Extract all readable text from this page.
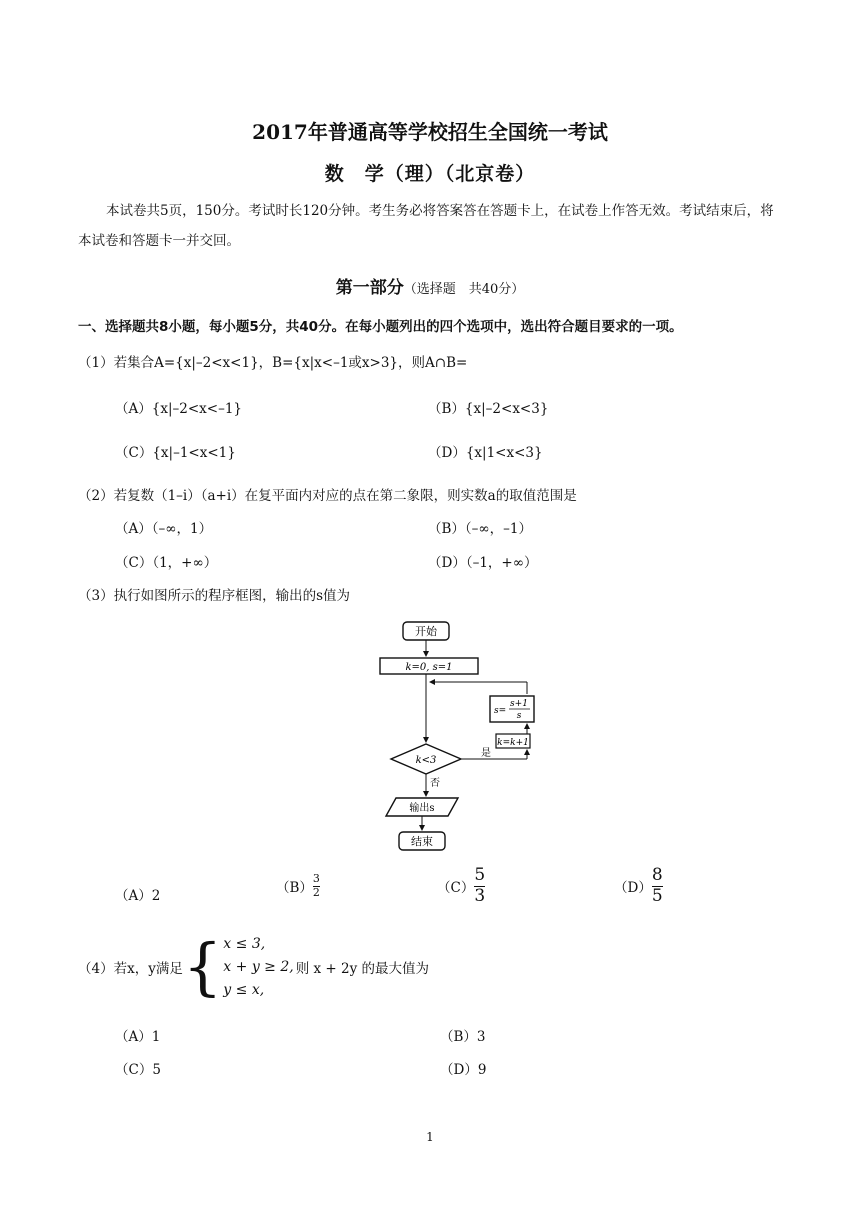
2017年普通高等学校招生全国统一考试
数　学（理）（北京卷）
本试卷共5页，150分。考试时长120分钟。考生务必将答案答在答题卡上，在试卷上作答无效。考试结束后，将本试卷和答题卡一并交回。
第一部分（选择题　共40分）
一、选择题共8小题，每小题5分，共40分。在每小题列出的四个选项中，选出符合题目要求的一项。
（1）若集合A={x|–2<x<1}，B={x|x<–1或x>3}，则A∩B=
（A）{x|–2<x<–1}	（B）{x|–2<x<3}
（C）{x|–1<x<1}	（D）{x|1<x<3}
（2）若复数（1–i）（a+i）在复平面内对应的点在第二象限，则实数a的取值范围是
（A）（–∞，1）	（B）（–∞，–1）
（C）（1，+∞）	（D）（–1，+∞）
（3）执行如图所示的程序框图，输出的s值为
开始
k=0, s=1
s=
s+1
s
k=k+1
k<3
是
否
输出s
结束
（A）2	$(B) \frac{3}{2}$	$(C) \frac{5}{3}$	$(D) \frac{8}{5}$
（4）若x，y满足 { x ≤ 3,
x + y ≥ 2,
y ≤ x,
则 x + 2y 的最大值为
（A）1	（B）3
（C）5	（D）9
1
